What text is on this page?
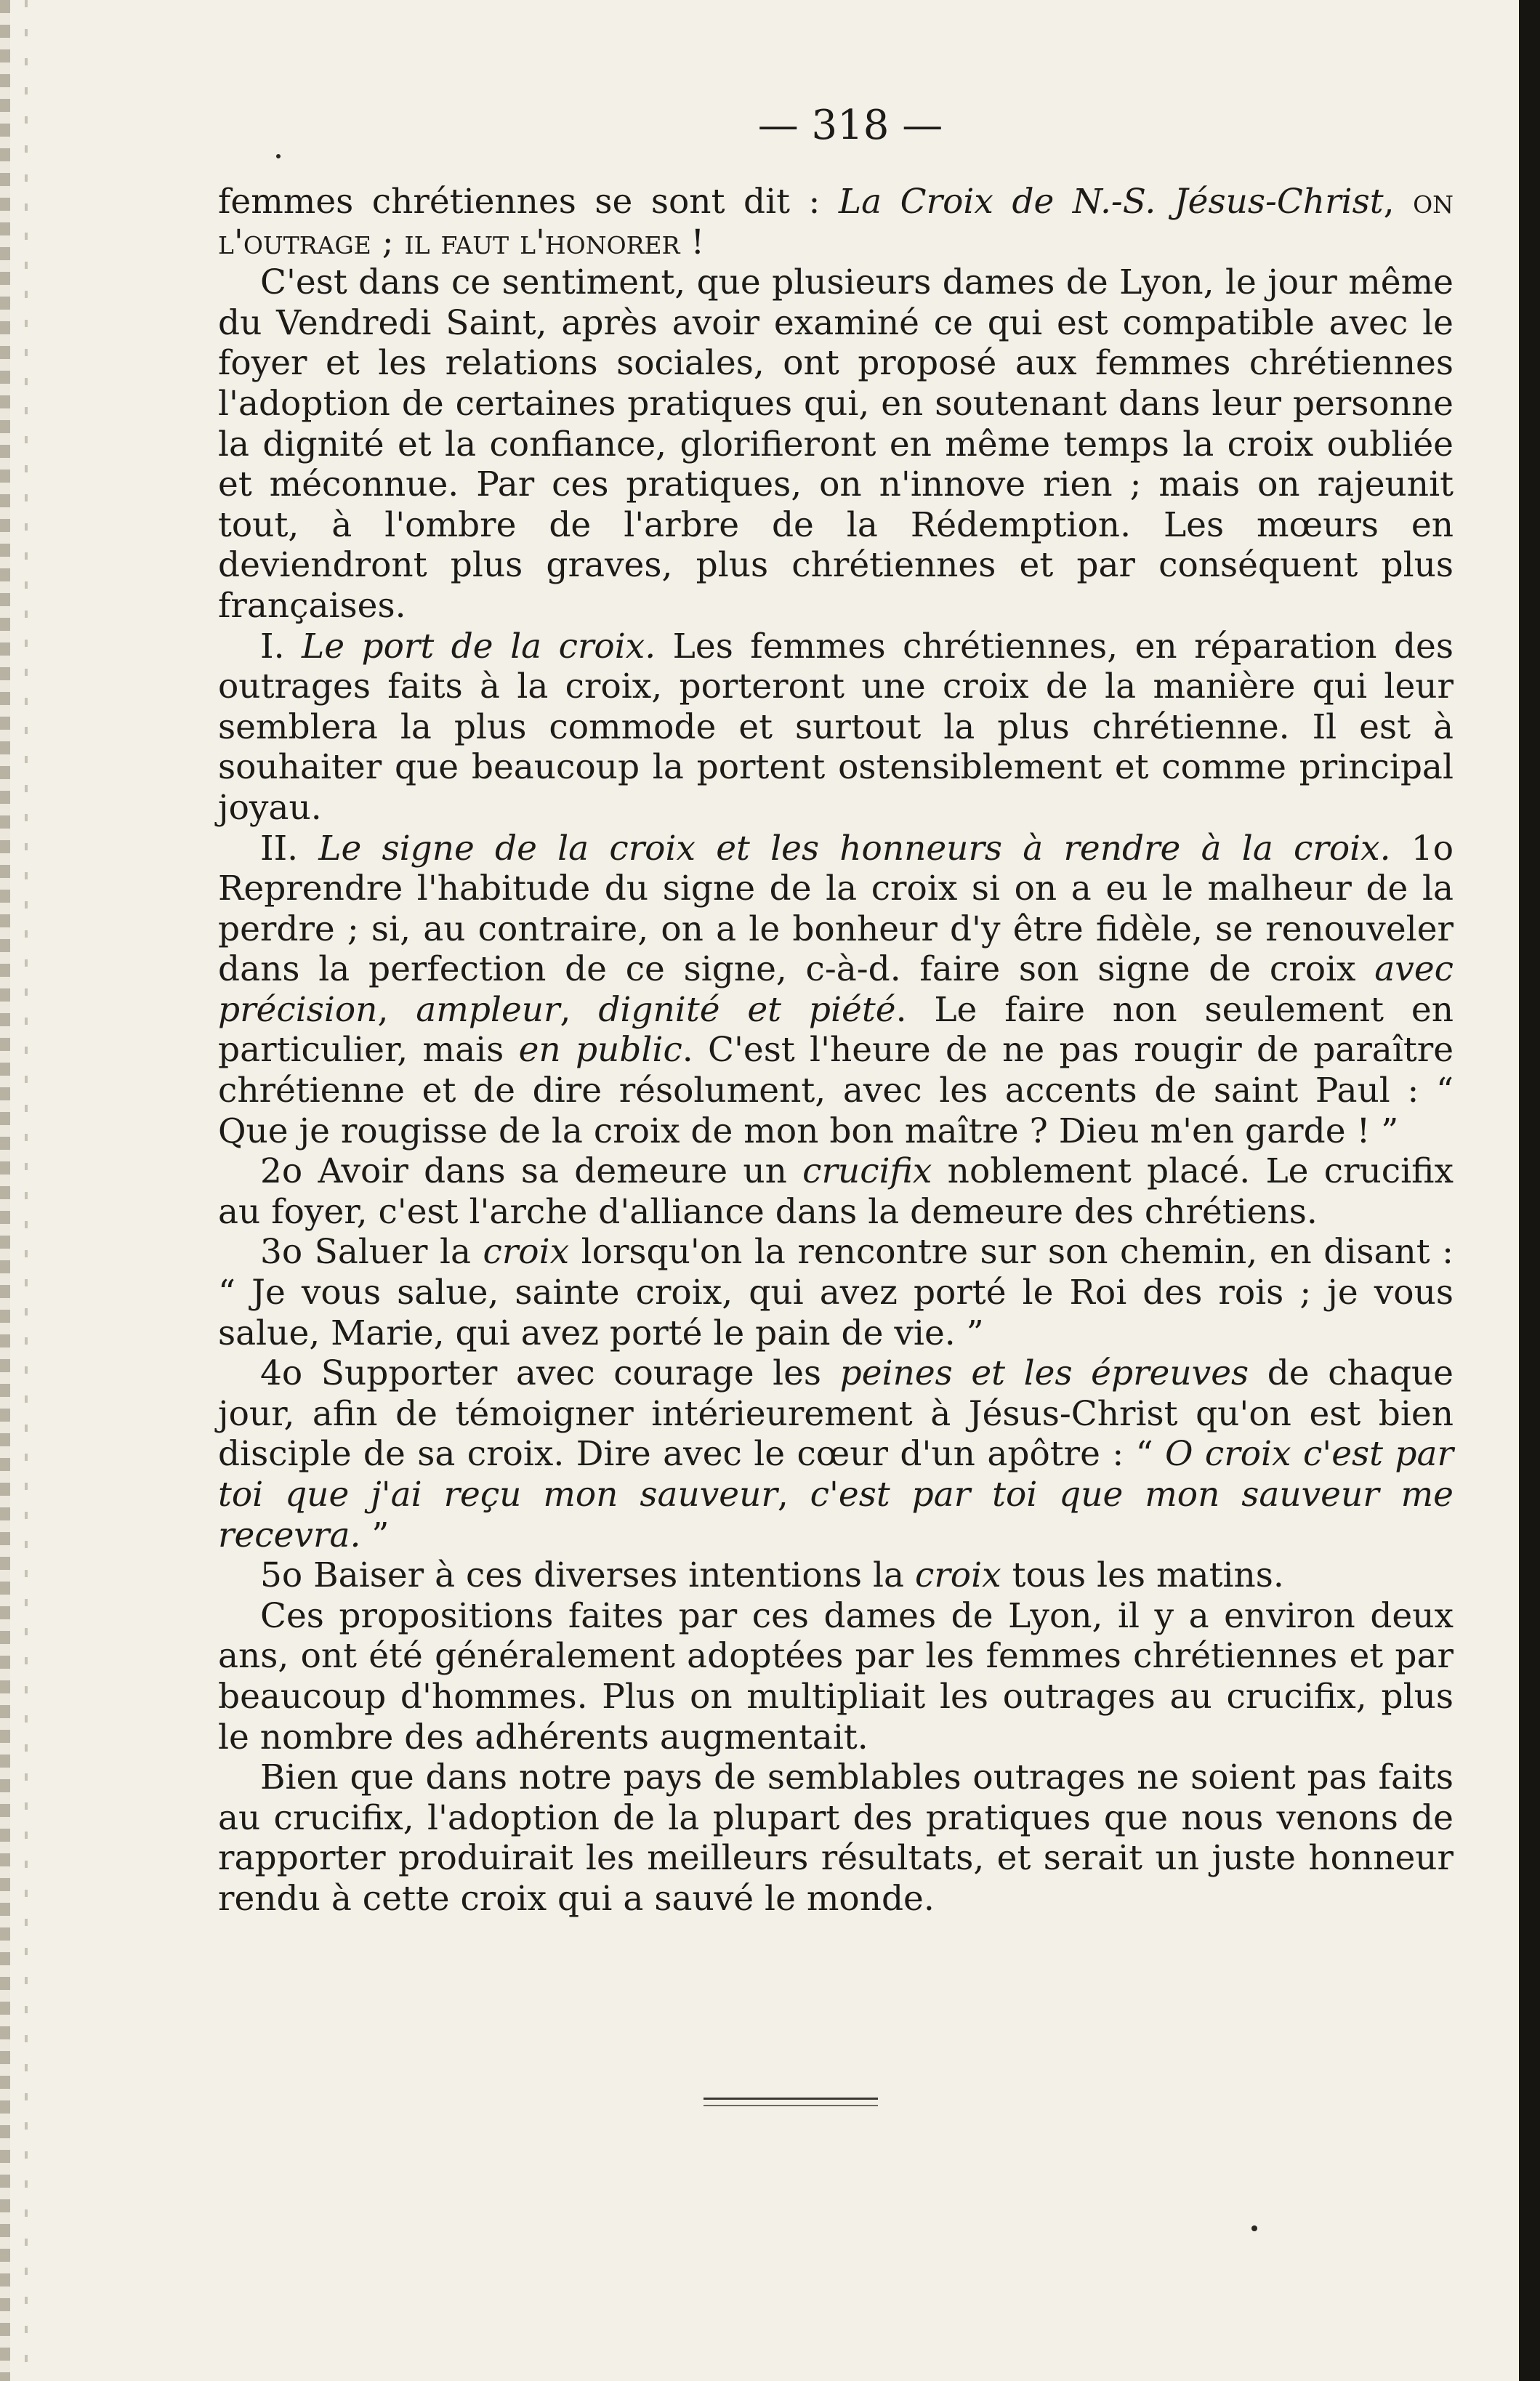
— 318 —

femmes chrétiennes se sont dit : La Croix de N.-S. Jésus-Christ, on l'outrage ; il faut l'honorer !

C'est dans ce sentiment, que plusieurs dames de Lyon, le jour même du Vendredi Saint, après avoir examiné ce qui est compatible avec le foyer et les relations sociales, ont proposé aux femmes chrétiennes l'adoption de certaines pratiques qui, en soutenant dans leur personne la dignité et la confiance, glorifieront en même temps la croix oubliée et méconnue. Par ces pratiques, on n'innove rien ; mais on rajeunit tout, à l'ombre de l'arbre de la Rédemption. Les mœurs en deviendront plus graves, plus chrétiennes et par conséquent plus françaises.

I. Le port de la croix. Les femmes chrétiennes, en réparation des outrages faits à la croix, porteront une croix de la manière qui leur semblera la plus commode et surtout la plus chrétienne. Il est à souhaiter que beaucoup la portent ostensiblement et comme principal joyau.

II. Le signe de la croix et les honneurs à rendre à la croix. 1o Reprendre l'habitude du signe de la croix si on a eu le malheur de la perdre ; si, au contraire, on a le bonheur d'y être fidèle, se renouveler dans la perfection de ce signe, c-à-d. faire son signe de croix avec précision, ampleur, dignité et piété. Le faire non seulement en particulier, mais en public. C'est l'heure de ne pas rougir de paraître chrétienne et de dire résolument, avec les accents de saint Paul : “ Que je rougisse de la croix de mon bon maître ? Dieu m'en garde ! ”

2o Avoir dans sa demeure un crucifix noblement placé. Le crucifix au foyer, c'est l'arche d'alliance dans la demeure des chrétiens.

3o Saluer la croix lorsqu'on la rencontre sur son chemin, en disant : “ Je vous salue, sainte croix, qui avez porté le Roi des rois ; je vous salue, Marie, qui avez porté le pain de vie. ”

4o Supporter avec courage les peines et les épreuves de chaque jour, afin de témoigner intérieurement à Jésus-Christ qu'on est bien disciple de sa croix. Dire avec le cœur d'un apôtre : “ O croix c'est par toi que j'ai reçu mon sauveur, c'est par toi que mon sauveur me recevra. ”

5o Baiser à ces diverses intentions la croix tous les matins.

Ces propositions faites par ces dames de Lyon, il y a environ deux ans, ont été généralement adoptées par les femmes chrétiennes et par beaucoup d'hommes. Plus on multipliait les outrages au crucifix, plus le nombre des adhérents augmentait.

Bien que dans notre pays de semblables outrages ne soient pas faits au crucifix, l'adoption de la plupart des pratiques que nous venons de rapporter produirait les meilleurs résultats, et serait un juste honneur rendu à cette croix qui a sauvé le monde.
